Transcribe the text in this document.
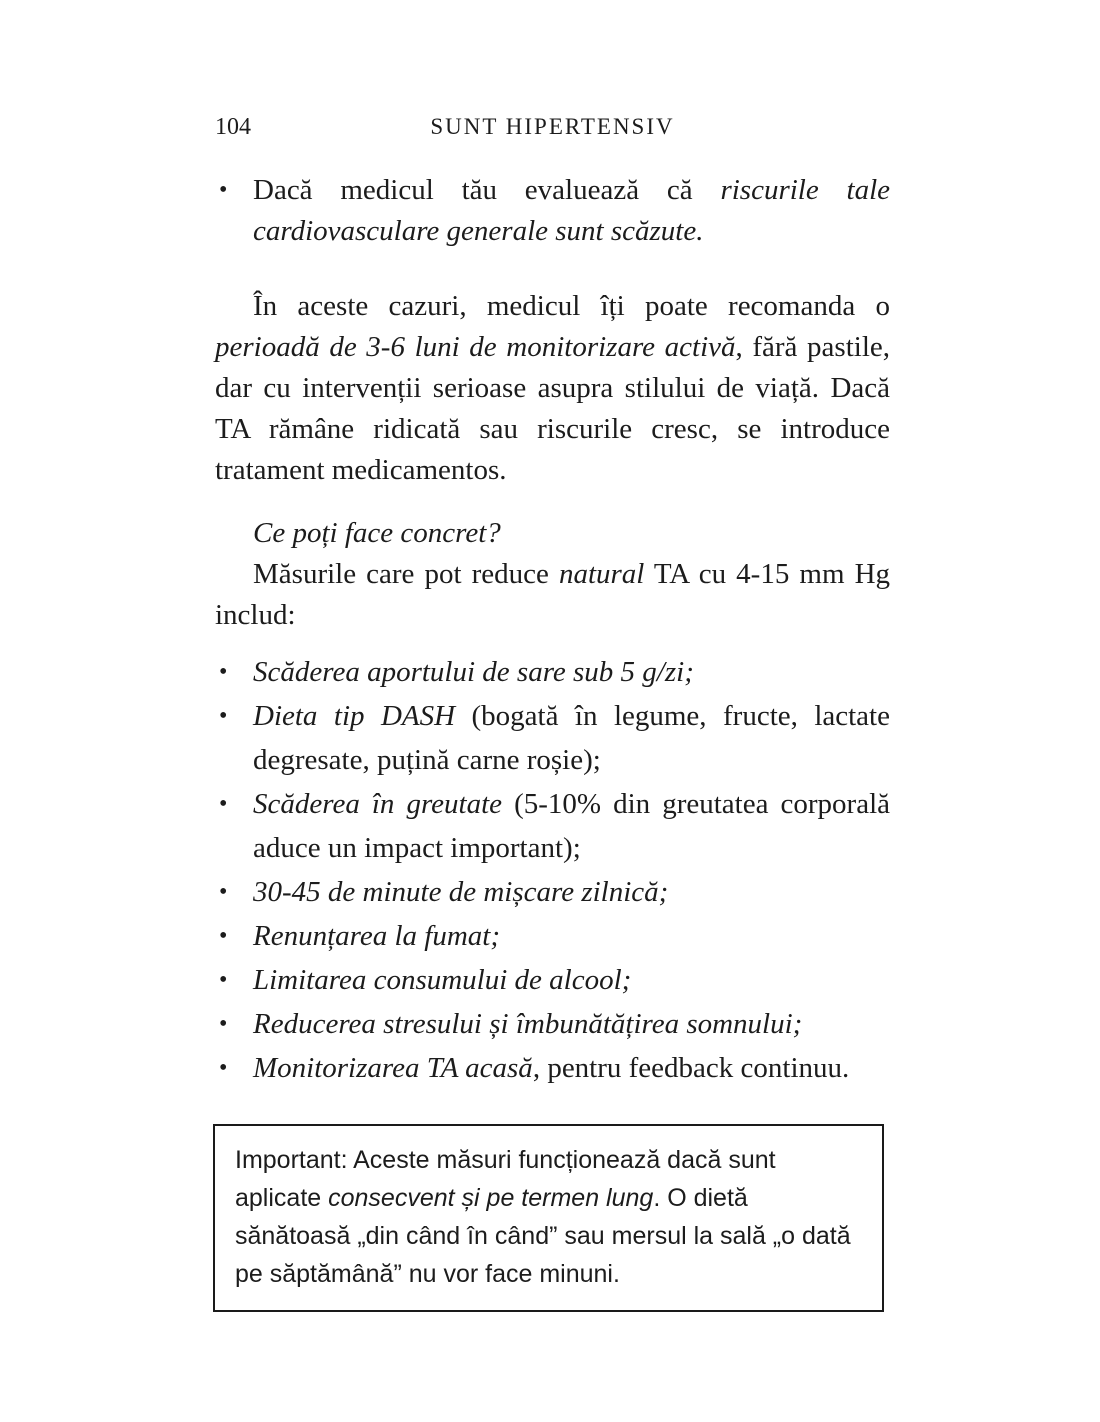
104	SUNT HIPERTENSIV
• Dacă medicul tău evaluează că riscurile tale cardiovasculare generale sunt scăzute.

În aceste cazuri, medicul îți poate recomanda o perioadă de 3-6 luni de monitorizare activă, fără pastile, dar cu intervenții serioase asupra stilului de viață. Dacă TA rămâne ridicată sau riscurile cresc, se introduce tratament medicamentos.

Ce poți face concret?

Măsurile care pot reduce natural TA cu 4-15 mm Hg includ:

• Scăderea aportului de sare sub 5 g/zi;
• Dieta tip DASH (bogată în legume, fructe, lactate degresate, puțină carne roșie);
• Scăderea în greutate (5-10% din greutatea corporală aduce un impact important);
• 30-45 de minute de mișcare zilnică;
• Renunțarea la fumat;
• Limitarea consumului de alcool;
• Reducerea stresului și îmbunătățirea somnului;
• Monitorizarea TA acasă, pentru feedback continuu.
Important: Aceste măsuri funcționează dacă sunt aplicate consecvent și pe termen lung. O dietă sănătoasă „din când în când” sau mersul la sală „o dată pe săptămână” nu vor face minuni.
